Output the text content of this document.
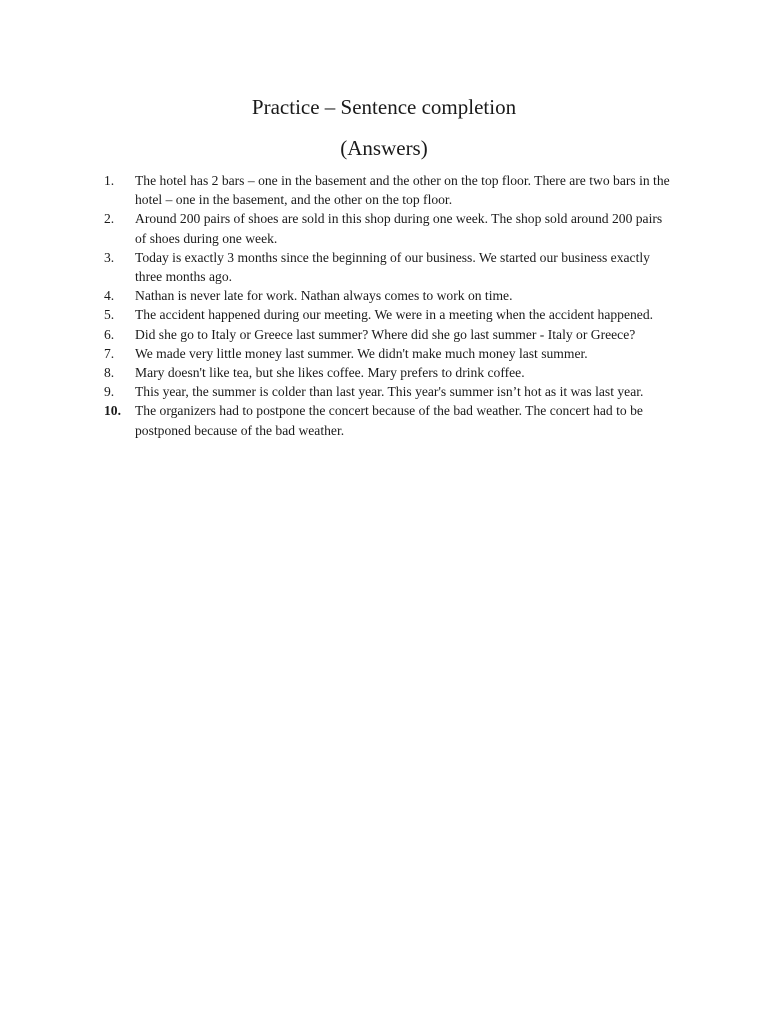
Practice – Sentence completion
(Answers)
1.	The hotel has 2 bars – one in the basement and the other on the top floor. There are two bars in the hotel – one in the basement, and the other on the top floor.
2.	Around 200 pairs of shoes are sold in this shop during one week. The shop sold around 200 pairs of shoes during one week.
3.	Today is exactly 3 months since the beginning of our business. We started our business exactly three months ago.
4.	Nathan is never late for work. Nathan always comes to work on time.
5.	The accident happened during our meeting. We were in a meeting when the accident happened.
6.	Did she go to Italy or Greece last summer? Where did she go last summer - Italy or Greece?
7.	We made very little money last summer. We didn't make much money last summer.
8.	Mary doesn't like tea, but she likes coffee. Mary prefers to drink coffee.
9.	This year, the summer is colder than last year. This year's summer isn’t hot as it was last year.
10.	The organizers had to postpone the concert because of the bad weather. The concert had to be postponed because of the bad weather.
